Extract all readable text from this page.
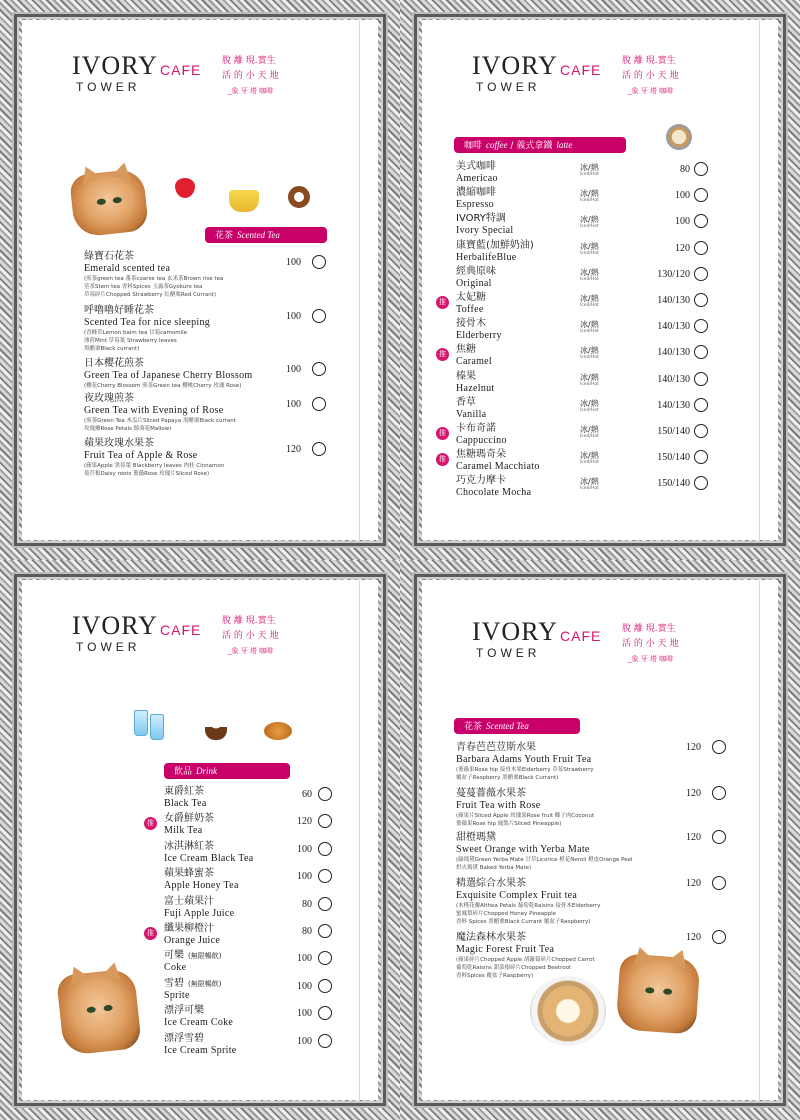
IVORY
TOWER
CAFE
脫 離 現.實生
活 的 小 天 地
_象 牙 塔 咖啡
花茶 Scented Tea
綠寶石花茶
Emerald scented tea
(煎茶green tea 番茶coarse tea 玄米茶Brown rise tea
莖茶Stem tea 香料Spices 玉露茶Gyokuro tea
草莓碎片Chopped Strawberry 紅醋栗Red Currant)
100
呼嚕嚕好睡花茶
Scented Tea for nice sleeping
(香蜂草Lemon balm tea 甘菊camomile
薄荷Mint 草莓葉 Strawberry leaves
黑醋栗Black currant)
100
日本櫻花煎茶
Green Tea of Japanese Cherry Blossom
(櫻花Cherry Blossom 煎茶Green tea 櫻桃Cherry 玫瑰 Rose)
100
夜玫瑰煎茶
Green Tea with Evening of Rose
(煎茶Green Tea 木瓜片Sliced Papaya 黑醋栗Black currant
玫瑰瓣Rose Petals 錦葵花Mallow)
100
蘋果玫瑰水果茶
Fruit Tea of Apple & Rose
(蘋果Apple 黑莓葉 Blackberry leaves 肉桂 Cinnamon
菊苣根Daisy roots 薔薇Rose 玫瑰片Sliced Rose)
120
IVORY
TOWER
CAFE
脫 離 現.實生
活 的 小 天 地
_象 牙 塔 咖啡
咖啡 coffee / 義式拿鐵 latte
美式咖啡
Americao
冰/熱
Iced/Hot	80
濃縮咖啡
Espresso
冰/熱
Iced/Hot	100
IVORY特調
Ivory Special
冰/熱
Iced/Hot	100
康寶藍(加鮮奶油)
HerbalifeBlue
冰/熱
Iced/Hot	120
經典原味
Original
冰/熱
Iced/Hot	130/120
太妃糖
Toffee
冰/熱
Iced/Hot	140/130
推
接骨木
Elderberry
冰/熱
Iced/Hot	140/130
焦糖
Caramel
冰/熱
Iced/Hot	140/130
推
榛果
Hazelnut
冰/熱
Iced/Hot	140/130
香草
Vanilla
冰/熱
Iced/Hot	140/130
卡布奇諾
Cappuccino
冰/熱
Iced/Hot	150/140
推
焦糖瑪奇朵
Caramel Macchiato
冰/熱
Iced/Hot	150/140
推
巧克力摩卡
Chocolate Mocha
冰/熱
Iced/Hot	150/140
IVORY
TOWER
CAFE
脫 離 現.實生
活 的 小 天 地
_象 牙 塔 咖啡
飲品 Drink
東爵紅茶
Black Tea
60
女爵鮮奶茶
Milk Tea
120
推
冰淇淋紅茶
Ice Cream Black Tea
100
蘋果蜂蜜茶
Apple Honey Tea
100
富士蘋果汁
Fuji Apple Juice
80
纖果柳橙汁
Orange Juice
80
推
可樂 (無限暢飲)
Coke
100
雪碧 (無限暢飲)
Sprite
100
漂浮可樂
Ice Cream Coke
100
漂浮雪碧
Ice Cream Sprite
100
IVORY
TOWER
CAFE 脫 離 現.實生
活 的 小 天 地
_象 牙 塔 咖啡
花茶 Scented Tea
青春芭芭荳斯水果
Barbara Adams Youth Fruit Tea
(薔薇果Rose hip 接骨木果Elderberry 草莓Strawberry
覆盆子Raspberry 黑醋栗Black Currant)
120
蔓蔓薔薇水果茶
Fruit Tea with Rose
(蘋果片Sliced Apple 玫瑰果Rose fruit 椰子肉Coconut
薔薇果Rose hip 鳳梨片Sliced Pineapple)
120
甜橙瑪黛
Sweet Orange with Yerba Mate
(綠瑪黛Green Yerba Mate 甘草Licorice 橙花Neroli 橙皮Orange Peel
烘火瑪黛 Baked Yerba Mate)
120
精選綜合水果茶
Exquisite Complex Fruit tea
(木槿花瓣Althea Petals 葡萄乾Raisins 接骨木Elderberry
蜜鳳梨碎片Chopped Honey Pineapple
香料 Spices 黑醋栗Black Currant 覆盆子Raspberry)
120
魔法森林水果茶
Magic Forest Fruit Tea
(蘋果碎片Chopped Apple 胡蘿蔔碎片Chopped Carrot
葡萄乾Raisins 甜菜根碎片Chopped Beetroot
香料Spices 覆盆子Raspberry)
120
